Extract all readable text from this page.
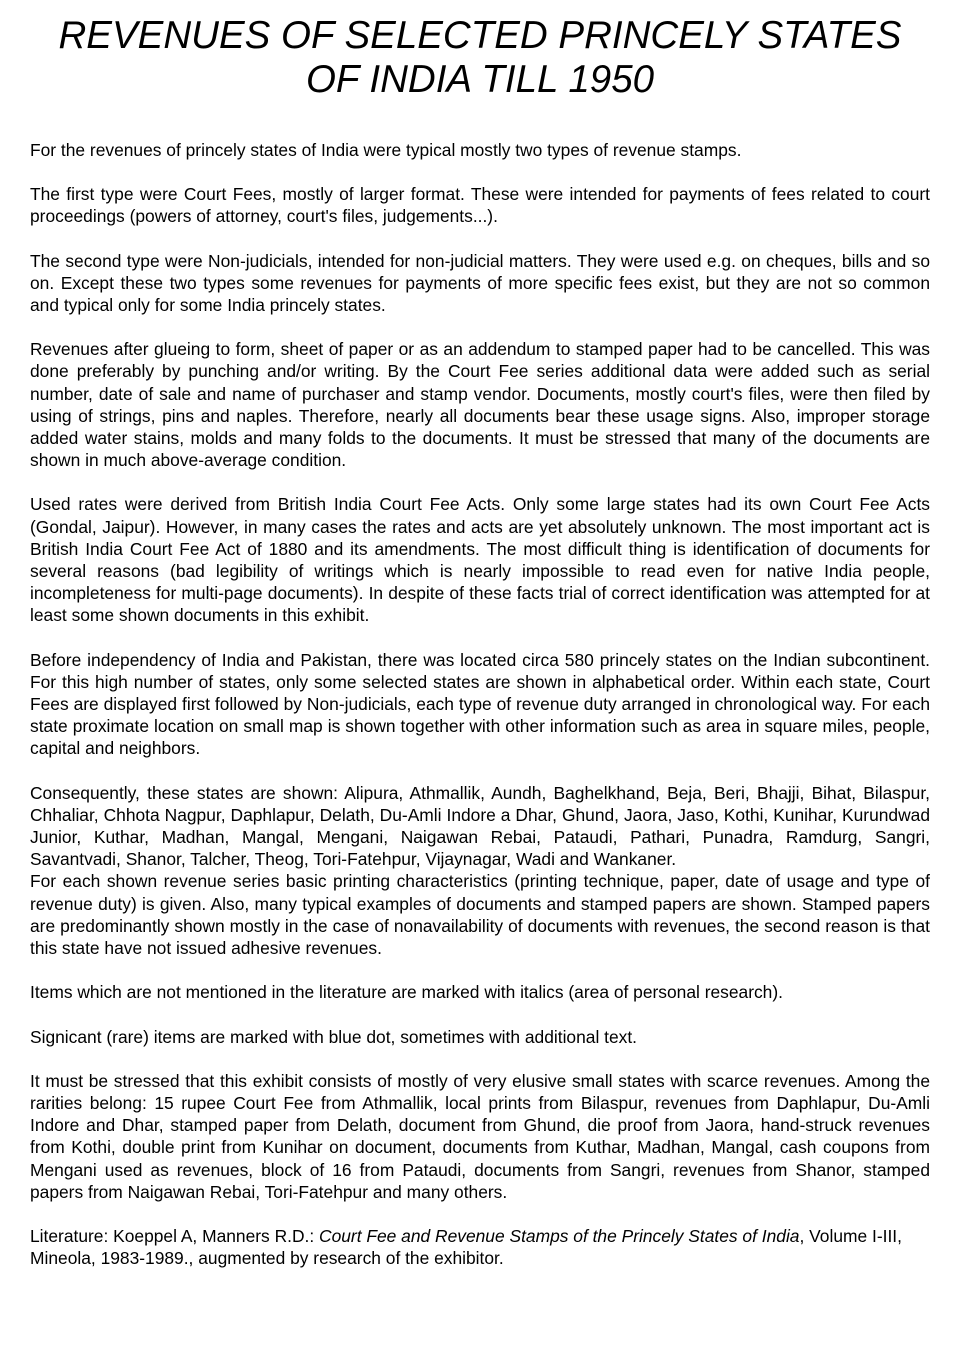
REVENUES OF SELECTED PRINCELY STATES
OF INDIA TILL 1950

For the revenues of princely states of India were typical mostly two types of revenue stamps.

The first type were Court Fees, mostly of larger format. These were intended for payments of fees related to court proceedings (powers of attorney, court's files, judgements...).

The second type were Non-judicials, intended for non-judicial matters. They were used e.g. on cheques, bills and so on. Except these two types some revenues for payments of more specific fees exist, but they are not so common and typical only for some India princely states.

Revenues after glueing to form, sheet of paper or as an addendum to stamped paper had to be cancelled. This was done preferably by punching and/or writing. By the Court Fee series additional data were added such as serial number, date of sale and name of purchaser and stamp vendor. Documents, mostly court's files, were then filed by using of strings, pins and naples. Therefore, nearly all documents bear these usage signs. Also, improper storage added water stains, molds and many folds to the documents. It must be stressed that many of the documents are shown in much above-average condition.

Used rates were derived from British India Court Fee Acts. Only some large states had its own Court Fee Acts (Gondal, Jaipur). However, in many cases the rates and acts are yet absolutely unknown. The most important act is British India Court Fee Act of 1880 and its amendments. The most difficult thing is identification of documents for several reasons (bad legibility of writings which is nearly impossible to read even for native India people, incompleteness for multi-page documents). In despite of these facts trial of correct identification was attempted for at least some shown documents in this exhibit.

Before independency of India and Pakistan, there was located circa 580 princely states on the Indian subcontinent. For this high number of states, only some selected states are shown in alphabetical order. Within each state, Court Fees are displayed first followed by Non-judicials, each type of revenue duty arranged in chronological way. For each state proximate location on small map is shown together with other information such as area in square miles, people, capital and neighbors.

Consequently, these states are shown: Alipura, Athmallik, Aundh, Baghelkhand, Beja, Beri, Bhajji, Bihat, Bilaspur, Chhaliar, Chhota Nagpur, Daphlapur, Delath, Du-Amli Indore a Dhar, Ghund, Jaora, Jaso, Kothi, Kunihar, Kurundwad Junior, Kuthar, Madhan, Mangal, Mengani, Naigawan Rebai, Pataudi, Pathari, Punadra, Ramdurg, Sangri, Savantvadi, Shanor, Talcher, Theog, Tori-Fatehpur, Vijaynagar, Wadi and Wankaner.

For each shown revenue series basic printing characteristics (printing technique, paper, date of usage and type of revenue duty) is given. Also, many typical examples of documents and stamped papers are shown. Stamped papers are predominantly shown mostly in the case of nonavailability of documents with revenues, the second reason is that this state have not issued adhesive revenues.

Items which are not mentioned in the literature are marked with italics (area of personal research).

Signicant (rare) items are marked with blue dot, sometimes with additional text.

It must be stressed that this exhibit consists of mostly of very elusive small states with scarce revenues. Among the rarities belong: 15 rupee Court Fee from Athmallik, local prints from Bilaspur, revenues from Daphlapur, Du-Amli Indore and Dhar, stamped paper from Delath, document from Ghund, die proof from Jaora, hand-struck revenues from Kothi, double print from Kunihar on document, documents from Kuthar, Madhan, Mangal, cash coupons from Mengani used as revenues, block of 16 from Pataudi, documents from Sangri, revenues from Shanor, stamped papers from Naigawan Rebai, Tori-Fatehpur and many others.

Literature: Koeppel A, Manners R.D.: Court Fee and Revenue Stamps of the Princely States of India, Volume I-III, Mineola, 1983-1989., augmented by research of the exhibitor.
